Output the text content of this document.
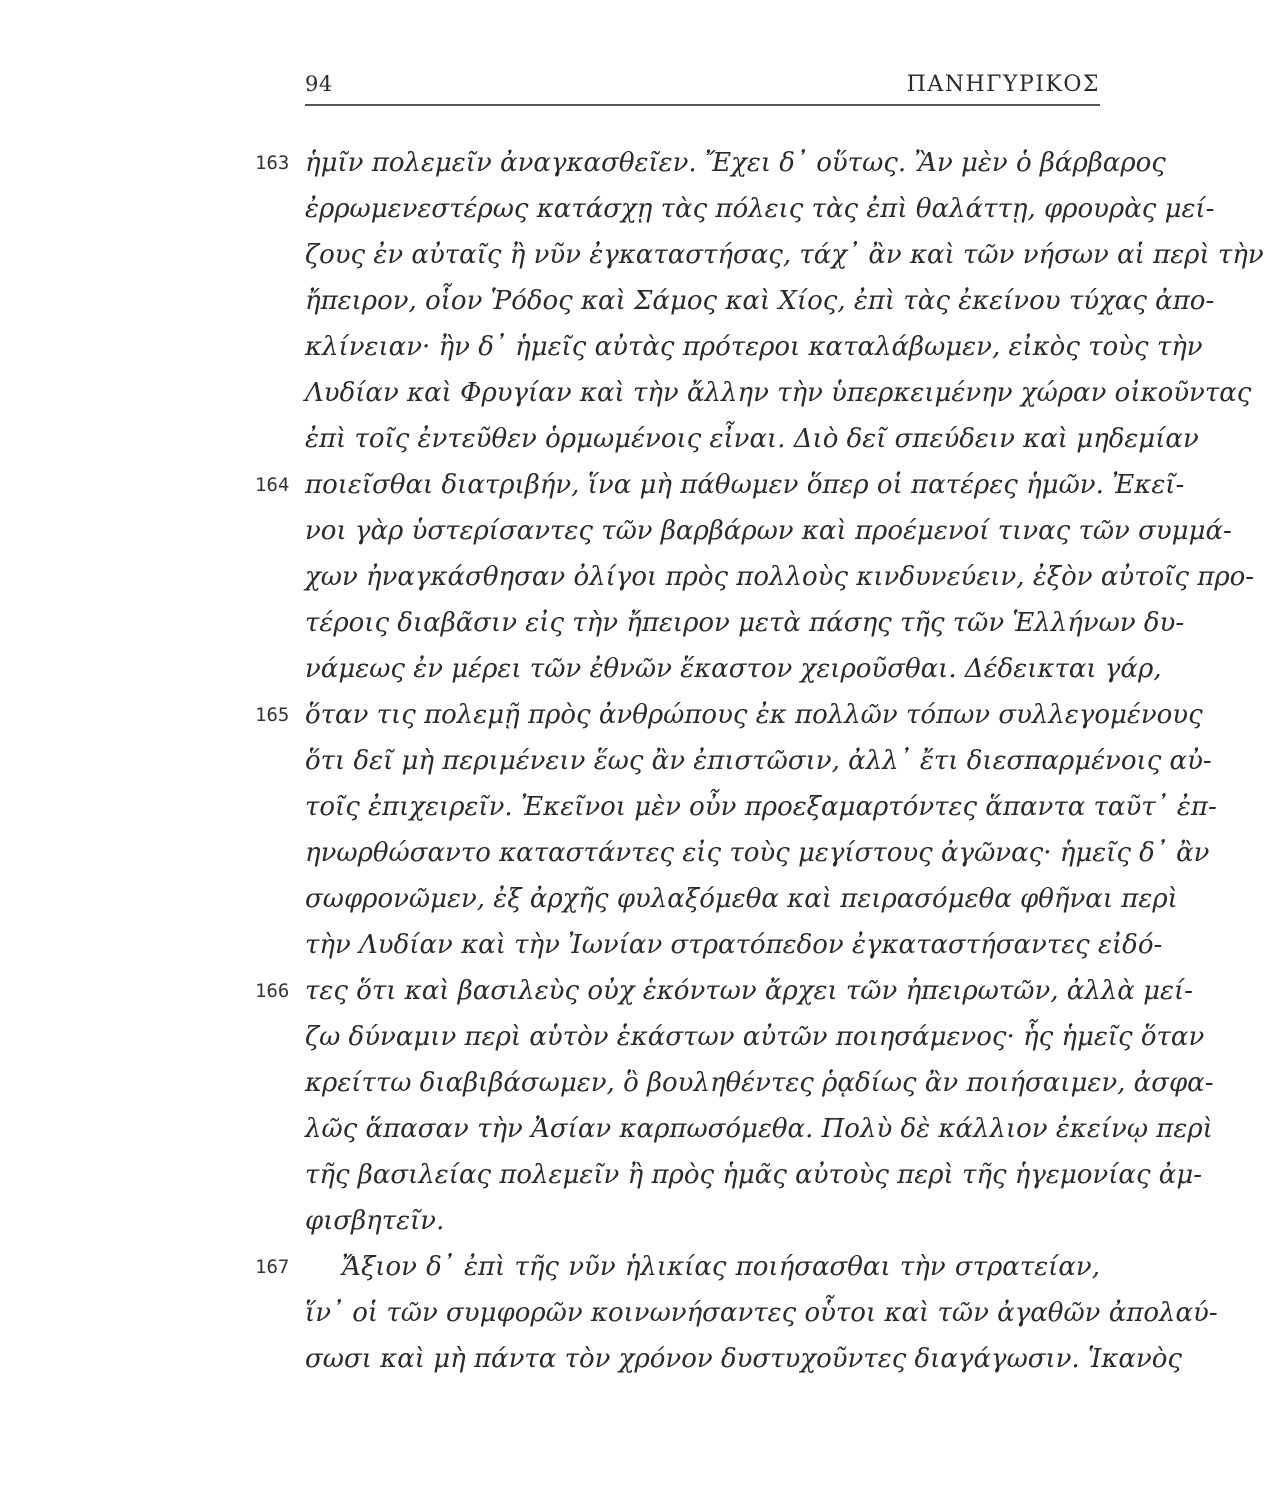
94	ΠΑΝΗΓΥΡΙΚΟΣ
ἡμῖν πολεμεῖν ἀναγκασθεῖεν. Ἔχει δ᾽ οὕτως. Ἂν μὲν ὁ βάρβαρος
ἐρρωμενεστέρως κατάσχῃ τὰς πόλεις τὰς ἐπὶ θαλάττῃ, φρουρὰς μεί-
ζους ἐν αὐταῖς ἢ νῦν ἐγκαταστήσας, τάχ᾽ ἂν καὶ τῶν νήσων αἱ περὶ τὴν
ἤπειρον, οἷον Ῥόδος καὶ Σάμος καὶ Χίος, ἐπὶ τὰς ἐκείνου τύχας ἀπο-
κλίνειαν· ἢν δ᾽ ἡμεῖς αὐτὰς πρότεροι καταλάβωμεν, εἰκὸς τοὺς τὴν
Λυδίαν καὶ Φρυγίαν καὶ τὴν ἄλλην τὴν ὑπερκειμένην χώραν οἰκοῦντας
ἐπὶ τοῖς ἐντεῦθεν ὁρμωμένοις εἶναι. Διὸ δεῖ σπεύδειν καὶ μηδεμίαν
ποιεῖσθαι διατριβήν, ἵνα μὴ πάθωμεν ὅπερ οἱ πατέρες ἡμῶν. Ἐκεῖ-
νοι γὰρ ὑστερίσαντες τῶν βαρβάρων καὶ προέμενοί τινας τῶν συμμά-
χων ἠναγκάσθησαν ὀλίγοι πρὸς πολλοὺς κινδυνεύειν, ἐξὸν αὐτοῖς προ-
τέροις διαβᾶσιν εἰς τὴν ἤπειρον μετὰ πάσης τῆς τῶν Ἑλλήνων δυ-
νάμεως ἐν μέρει τῶν ἐθνῶν ἕκαστον χειροῦσθαι. Δέδεικται γάρ,
ὅταν τις πολεμῇ πρὸς ἀνθρώπους ἐκ πολλῶν τόπων συλλεγομένους
ὅτι δεῖ μὴ περιμένειν ἕως ἂν ἐπιστῶσιν, ἀλλ᾽ ἔτι διεσπαρμένοις αὐ-
τοῖς ἐπιχειρεῖν. Ἐκεῖνοι μὲν οὖν προεξαμαρτόντες ἅπαντα ταῦτ᾽ ἐπ-
ηνωρθώσαντο καταστάντες εἰς τοὺς μεγίστους ἀγῶνας· ἡμεῖς δ᾽ ἂν
σωφρονῶμεν, ἐξ ἀρχῆς φυλαξόμεθα καὶ πειρασόμεθα φθῆναι περὶ
τὴν Λυδίαν καὶ τὴν Ἰωνίαν στρατόπεδον ἐγκαταστήσαντες εἰδό-
τες ὅτι καὶ βασιλεὺς οὐχ ἑκόντων ἄρχει τῶν ἠπειρωτῶν, ἀλλὰ μεί-
ζω δύναμιν περὶ αὑτὸν ἑκάστων αὐτῶν ποιησάμενος· ἧς ἡμεῖς ὅταν
κρείττω διαβιβάσωμεν, ὃ βουληθέντες ῥᾳδίως ἂν ποιήσαιμεν, ἀσφα-
λῶς ἅπασαν τὴν Ἀσίαν καρπωσόμεθα. Πολὺ δὲ κάλλιον ἐκείνῳ περὶ
τῆς βασιλείας πολεμεῖν ἢ πρὸς ἡμᾶς αὐτοὺς περὶ τῆς ἡγεμονίας ἀμ-
φισβητεῖν.
Ἄξιον δ᾽ ἐπὶ τῆς νῦν ἡλικίας ποιήσασθαι τὴν στρατείαν,
ἵν᾽ οἱ τῶν συμφορῶν κοινωνήσαντες οὗτοι καὶ τῶν ἀγαθῶν ἀπολαύ-
σωσι καὶ μὴ πάντα τὸν χρόνον δυστυχοῦντες διαγάγωσιν. Ἱκανὸς
163
164
165
166
167
